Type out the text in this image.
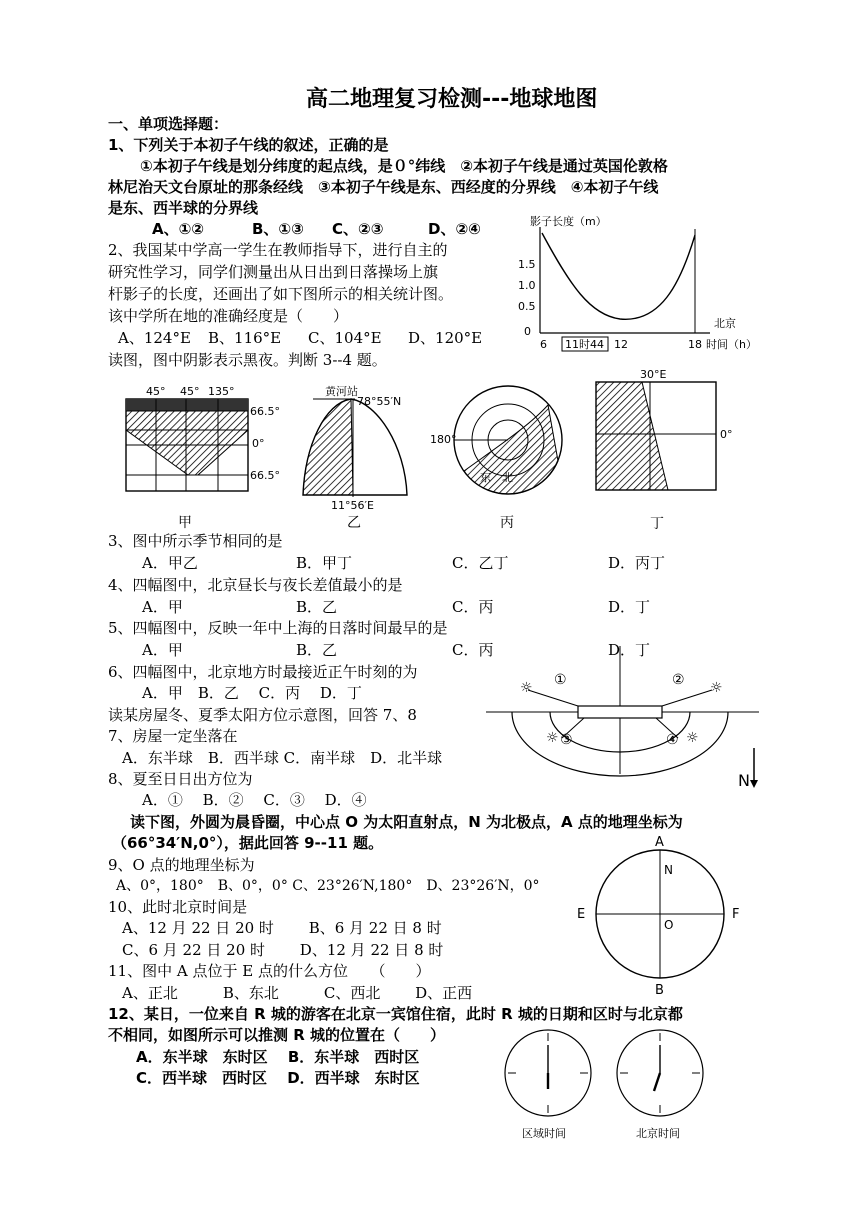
高二地理复习检测---地球地图
一、单项选择题：
1、下列关于本初子午线的叙述，正确的是
①本初子午线是划分纬度的起点线，是０°纬线　②本初子午线是通过英国伦敦格
林尼治天文台原址的那条经线　③本初子午线是东、西经度的分界线　④本初子午线
是东、西半球的分界线
A、①②	B、①③ C、②③	D、②④
2、我国某中学高一学生在教师指导下，进行自主的
研究性学习，同学们测量出从日出到日落操场上旗
杆影子的长度，还画出了如下图所示的相关统计图。
该中学所在地的准确经度是（　　）
A、124°E B、116°E C、104°E D、120°E
影子长度（m）
1.5
1.0
0.5
0
6 11时44 12	18
北京
时间（h）
读图，图中阴影表示黑夜。判断 3--4 题。
45° 45° 135°
66.5°
0°
66.5°
甲
黄河站
78°55′N
11°56′E
乙
180°
东　北
丙
30°E
0°
丁
3、图中所示季节相同的是
A．甲乙	B．甲丁	C．乙丁	D．丙丁
4、四幅图中，北京昼长与夜长差值最小的是
A．甲	B．乙	C．丙	D．丁
5、四幅图中，反映一年中上海的日落时间最早的是
A．甲	B．乙	C．丙	D．丁
6、四幅图中，北京地方时最接近正午时刻的为
A．甲　B．乙　 C．丙　 D．丁
读某房屋冬、夏季太阳方位示意图，回答 7、8
7、房屋一定坐落在
A．东半球　B．西半球 C．南半球　D．北半球
8、夏至日日出方位为
A．①　 B．②　 C．③　 D．④
☼	☼
☼	☼
①	②
③	④
N
读下图，外圆为晨昏圈，中心点 O 为太阳直射点，N 为北极点，A 点的地理坐标为
（66°34′N,0°），据此回答 9--11 题。	A
N
E
O
F
B
9、O 点的地理坐标为
A、0°，180°　B、0°，0° C、23°26′N,180°　D、23°26′N，0°
10、此时北京时间是
A、12 月 22 日 20 时　　 B、6 月 22 日 8 时
C、6 月 22 日 20 时　　 D、12 月 22 日 8 时
11、图中 A 点位于 E 点的什么方位　　（　　）
A、正北　　　B、东北　　　C、西北　　 D、正西
12、某日，一位来自 R 城的游客在北京一宾馆住宿，此时 R 城的日期和区时与北京都
不相同，如图所示可以推测 R 城的位置在（　　）
A．东半球　东时区　 B．东半球　西时区
C．西半球　西时区　 D．西半球　东时区
区域时间	北京时间
